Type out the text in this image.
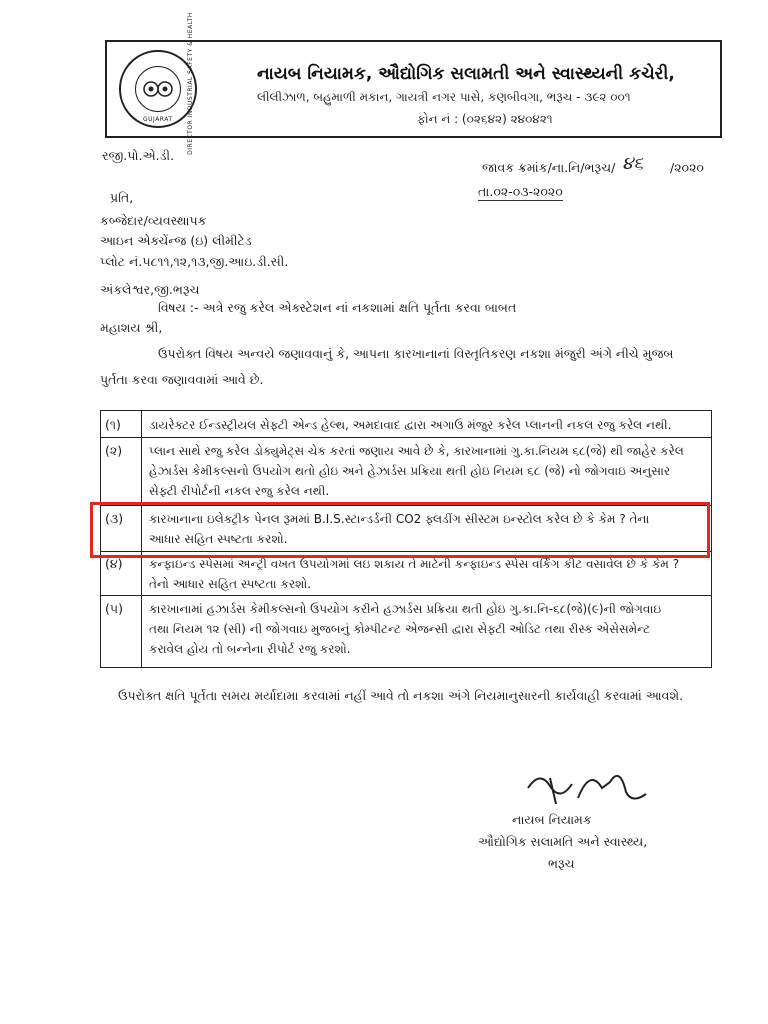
DIRECTOR INDUSTRIAL SAFETY & HEALTH
GUJARAT
નાયબ નિયામક, ઔદ્યોગિક સલામતી અને સ્વાસ્થ્યની કચેરી,
લીલીઝાળ, બહુમાળી મકાન, ગાયત્રી નગર પાસે, કણબીવગા, ભરૂચ - ૩૯૨ ૦૦૧
ફોન નં : (૦૨૬૪૨) ૨૪૦૪૨૧
રજી.પો.એ.ડી.
જાવક ક્રમાંક/ના.નિ/ભરૂચ/ ૪૬ /૨૦૨૦
તા.૦૨-૦૩-૨૦૨૦
પ્રતિ,
કબ્જેદાર/વ્યવસ્થાપક
આઇન એક્ચેંન્જ (ઇ) લીમીટેડ
પ્લોટ નં.૫૮૧૧,૧૨,૧૩,જી.આઇ.ડી.સી.
અંકલેશ્વર,જી.ભરૂચ
વિષય :- અત્રે રજુ કરેલ એક્સ્ટેશન નાં નકશામાં ક્ષતિ પૂર્તતા કરવા બાબત
મહાશય શ્રી,
ઉપરોક્ત વિષય અન્વયે જણાવવાનું કે, આપના કારખાનાનાં વિસ્તૃતિકરણ નકશા મંજુરી અંગે નીચે મુજબ
પુર્તતા કરવા જણાવવામાં આવે છે.
(૧) ડાયરેક્ટર ઈન્ડસ્ટ્રીયલ સેફ્ટી એન્ડ હેલ્થ, અમદાવાદ દ્વારા અગાઉ મંજુર કરેલ પ્લાનની નકલ રજુ કરેલ નથી.
(૨) પ્લાન સાથે રજુ કરેલ ડોક્યુમેટ્સ ચેક કરતાં જણાય આવે છે કે, કારખાનામાં ગુ.કા.નિયમ ૬૮(જે) થી જાહેર કરેલ
હેઝાર્ડસ કેમીકલ્સનો ઉપયોગ થતો હોઇ અને હેઝાર્ડસ પ્રક્રિયા થતી હોઇ નિયમ ૬૮ (જે) નો જોગવાઇ અનુસાર
સેફ્ટી રીપોર્ટની નકલ રજુ કરેલ નથી.
(૩) કારખાનાના ઇલેક્ટ્રીક પેનલ રૂમમાં B.I.S.સ્ટાન્ડર્ડની CO2 ફ્લડીંગ સીસ્ટમ ઇન્સ્ટોલ કરેલ છે કે કેમ ? તેના
આધાર સહિત સ્પષ્ટતા કરશો.
(૪) કન્ફાઇન્ડ સ્પેસમાં અન્ટ્રી વખત ઉપયોગમાં લઇ શકાય તે માટેની કન્ફાઇન્ડ સ્પેસ વર્કિંગ કીટ વસાવેલ છે કે કેમ ?
તેનો આધાર સહિત સ્પષ્ટતા કરશો.
(૫) કારખાનામાં હઝાર્ડસ કેમીકલ્સનો ઉપયોગ કરીને હઝાર્ડસ પ્રક્રિયા થતી હોઇ ગુ.કા.નિ-૬૮(જે)(૯)ની જોગવાઇ
તથા નિયમ ૧૨ (સી) ની જોગવાઇ મુજબનું કોમ્પીટન્ટ એજન્સી દ્વારા સેફ્ટી ઓડિટ તથા રીસ્ક એસેસમેન્ટ
કરાવેલ હોય તો બન્નેના રીપોર્ટ રજુ કરશો.
ઉપરોક્ત ક્ષતિ પૂર્તતા સમય મર્યાદામા કરવામાં નહીં આવે તો નકશા અંગે નિયમાનુસારની કાર્યવાહી કરવામાં આવશે.
નાયબ નિયામક
ઔદ્યોગિક સલામતિ અને સ્વાસ્થ્ય,
ભરૂચ
